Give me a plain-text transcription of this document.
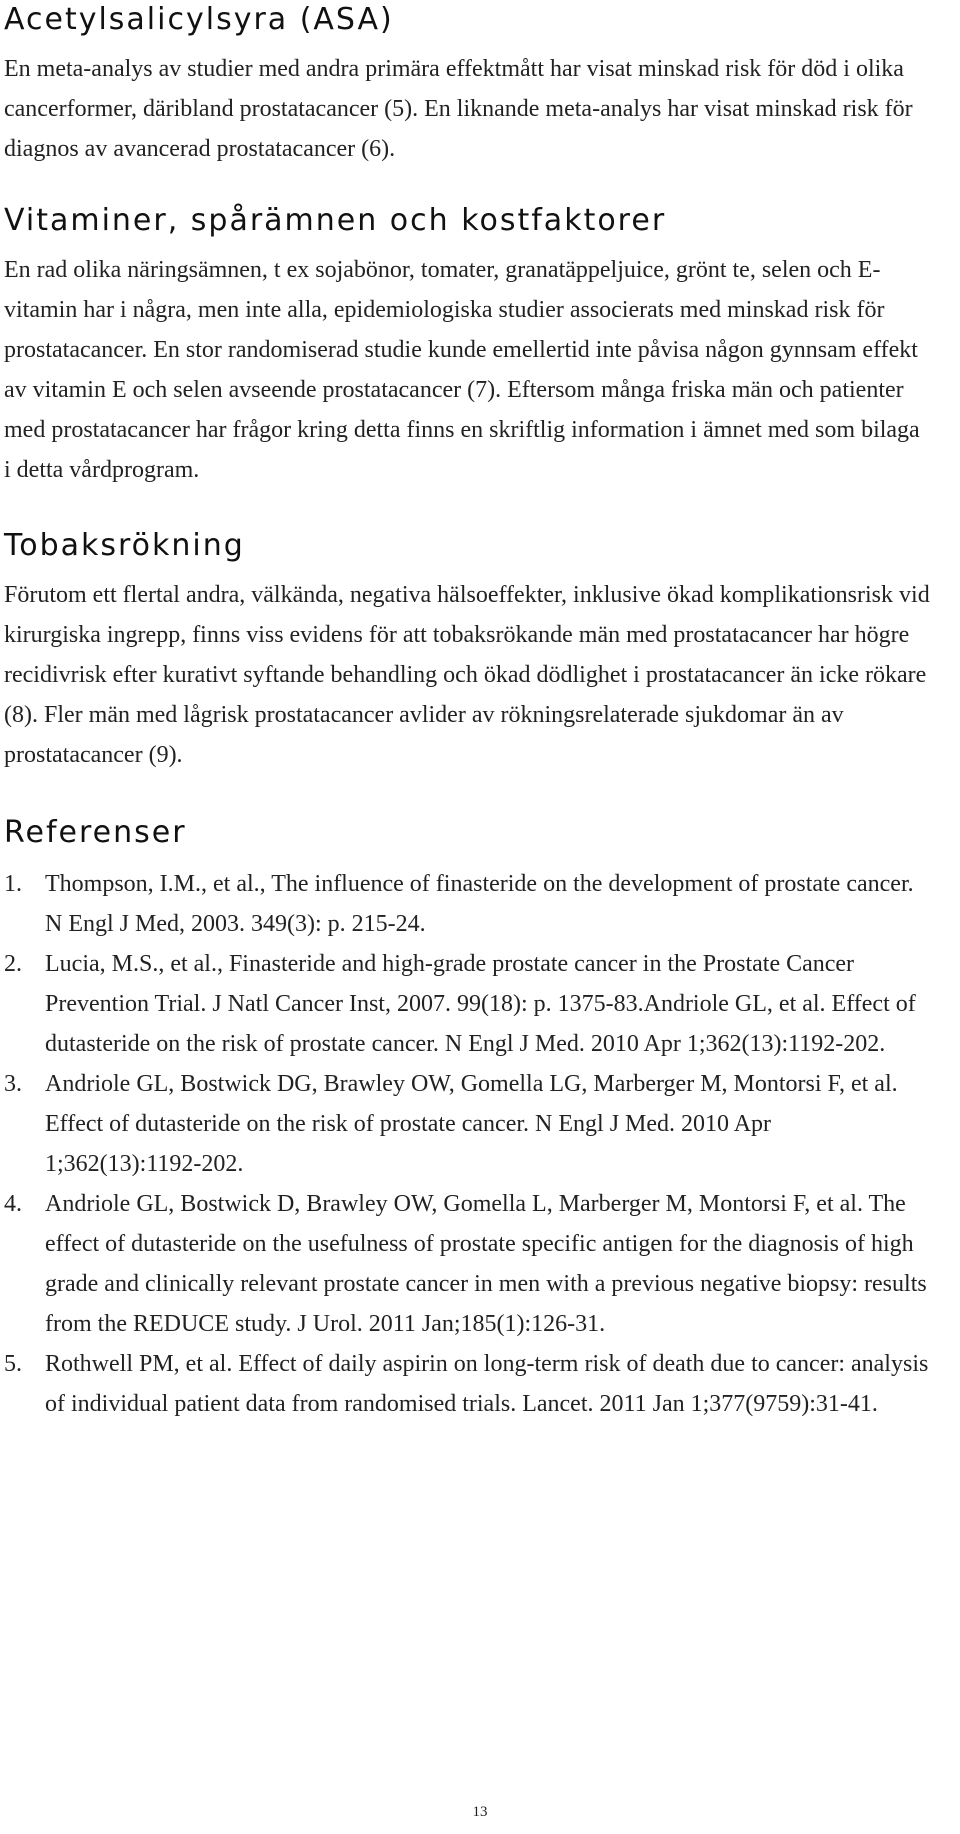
Acetylsalicylsyra (ASA)

En meta-analys av studier med andra primära effektmått har visat minskad risk för död i olika cancerformer, däribland prostatacancer (5). En liknande meta-analys har visat minskad risk för diagnos av avancerad prostatacancer (6).

Vitaminer, spårämnen och kostfaktorer

En rad olika näringsämnen, t ex sojabönor, tomater, granatäppeljuice, grönt te, selen och E-vitamin har i några, men inte alla, epidemiologiska studier associerats med minskad risk för prostatacancer. En stor randomiserad studie kunde emellertid inte påvisa någon gynnsam effekt av vitamin E och selen avseende prostatacancer (7). Eftersom många friska män och patienter med prostatacancer har frågor kring detta finns en skriftlig information i ämnet med som bilaga i detta vårdprogram.

Tobaksrökning

Förutom ett flertal andra, välkända, negativa hälsoeffekter, inklusive ökad komplikationsrisk vid kirurgiska ingrepp, finns viss evidens för att tobaksrökande män med prostatacancer har högre recidivrisk efter kurativt syftande behandling och ökad dödlighet i prostatacancer än icke rökare (8). Fler män med lågrisk prostatacancer avlider av rökningsrelaterade sjukdomar än av prostatacancer (9).

Referenser
1. Thompson, I.M., et al., The influence of finasteride on the development of prostate cancer. N Engl J Med, 2003. 349(3): p. 215-24.
2. Lucia, M.S., et al., Finasteride and high-grade prostate cancer in the Prostate Cancer Prevention Trial. J Natl Cancer Inst, 2007. 99(18): p. 1375-83.Andriole GL, et al. Effect of dutasteride on the risk of prostate cancer. N Engl J Med. 2010 Apr 1;362(13):1192-202.
3. Andriole GL, Bostwick DG, Brawley OW, Gomella LG, Marberger M, Montorsi F, et al. Effect of dutasteride on the risk of prostate cancer. N Engl J Med. 2010 Apr 1;362(13):1192-202.
4. Andriole GL, Bostwick D, Brawley OW, Gomella L, Marberger M, Montorsi F, et al. The effect of dutasteride on the usefulness of prostate specific antigen for the diagnosis of high grade and clinically relevant prostate cancer in men with a previous negative biopsy: results from the REDUCE study. J Urol. 2011 Jan;185(1):126-31.
5. Rothwell PM, et al. Effect of daily aspirin on long-term risk of death due to cancer: analysis of individual patient data from randomised trials. Lancet. 2011 Jan 1;377(9759):31-41.
13
